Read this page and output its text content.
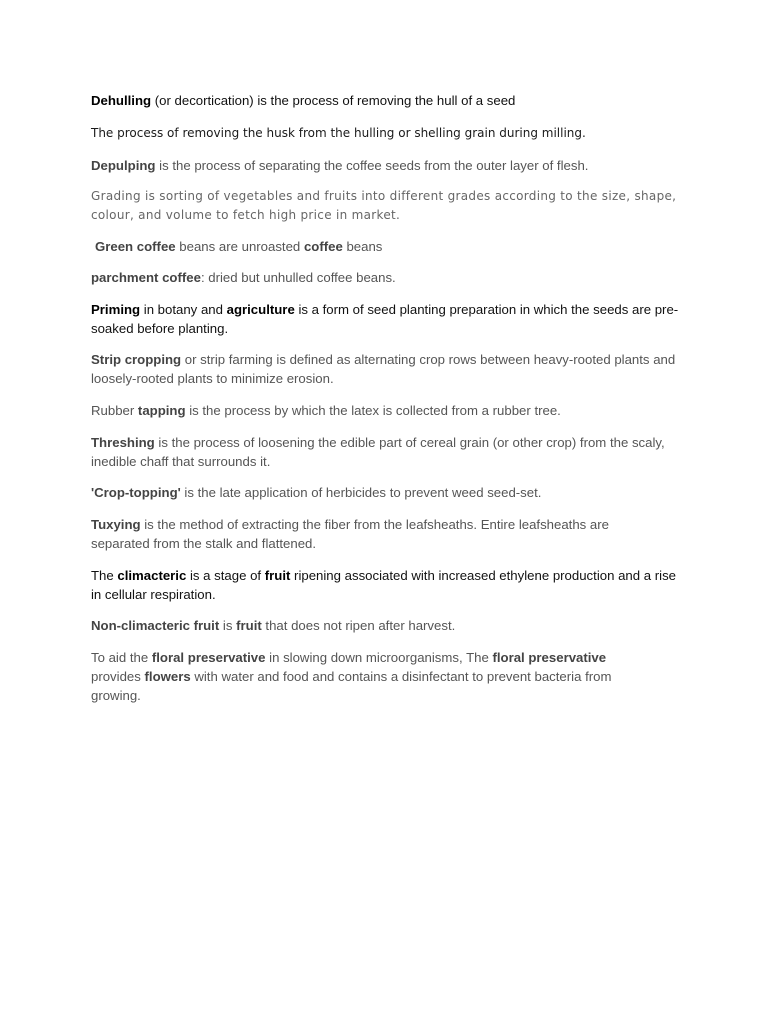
Dehulling (or decortication) is the process of removing the hull of a seed

The process of removing the husk from the hulling or shelling grain during milling.

Depulping is the process of separating the coffee seeds from the outer layer of flesh.

Grading is sorting of vegetables and fruits into different grades according to the size, shape, colour, and volume to fetch high price in market.

Green coffee beans are unroasted coffee beans

parchment coffee: dried but unhulled coffee beans.

Priming in botany and agriculture is a form of seed planting preparation in which the seeds are pre-soaked before planting.

Strip cropping or strip farming is defined as alternating crop rows between heavy-rooted plants and loosely-rooted plants to minimize erosion.

Rubber tapping is the process by which the latex is collected from a rubber tree.

Threshing is the process of loosening the edible part of cereal grain (or other crop) from the scaly, inedible chaff that surrounds it.

'Crop-topping' is the late application of herbicides to prevent weed seed-set.

Tuxying is the method of extracting the fiber from the leafsheaths. Entire leafsheaths are separated from the stalk and flattened.

The climacteric is a stage of fruit ripening associated with increased ethylene production and a rise in cellular respiration.

Non-climacteric fruit is fruit that does not ripen after harvest.

To aid the floral preservative in slowing down microorganisms, The floral preservative provides flowers with water and food and contains a disinfectant to prevent bacteria from growing.
